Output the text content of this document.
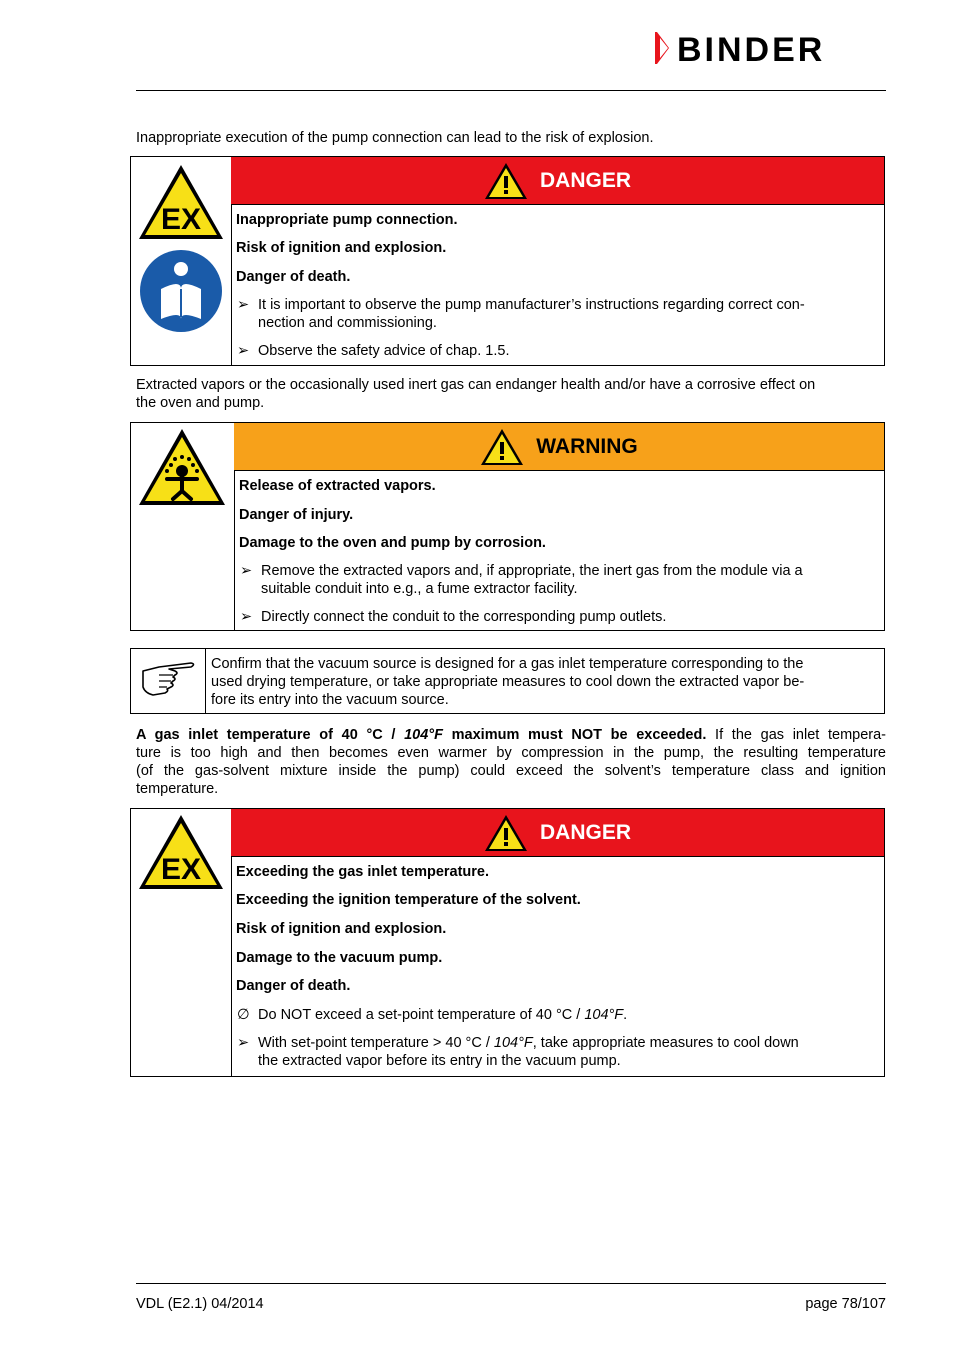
BINDER
Inappropriate execution of the pump connection can lead to the risk of explosion.
EX
DANGER
Inappropriate pump connection.
Risk of ignition and explosion.
Danger of death.
➢ It is important to observe the pump manufacturer’s instructions regarding correct con-
nection and commissioning.
➢ Observe the safety advice of chap. 1.5.
Extracted vapors or the occasionally used inert gas can endanger health and/or have a corrosive effect on
the oven and pump.
WARNING
Release of extracted vapors.
Danger of injury.
Damage to the oven and pump by corrosion.
➢ Remove the extracted vapors and, if appropriate, the inert gas from the module via a
suitable conduit into e.g., a fume extractor facility.
➢ Directly connect the conduit to the corresponding pump outlets.
Confirm that the vacuum source is designed for a gas inlet temperature corresponding to the
used drying temperature, or take appropriate measures to cool down the extracted vapor be-
fore its entry into the vacuum source.
A gas inlet temperature of 40 °C / 104°F maximum must NOT be exceeded. If the gas inlet tempera-
ture is too high and then becomes even warmer by compression in the pump, the resulting temperature
(of the gas-solvent mixture inside the pump) could exceed the solvent’s temperature class and ignition
temperature.
EX
DANGER
Exceeding the gas inlet temperature.
Exceeding the ignition temperature of the solvent.
Risk of ignition and explosion.
Damage to the vacuum pump.
Danger of death.
∅ Do NOT exceed a set-point temperature of 40 °C / 104°F.
➢ With set-point temperature > 40 °C / 104°F, take appropriate measures to cool down
the extracted vapor before its entry in the vacuum pump.
VDL (E2.1) 04/2014	page 78/107
